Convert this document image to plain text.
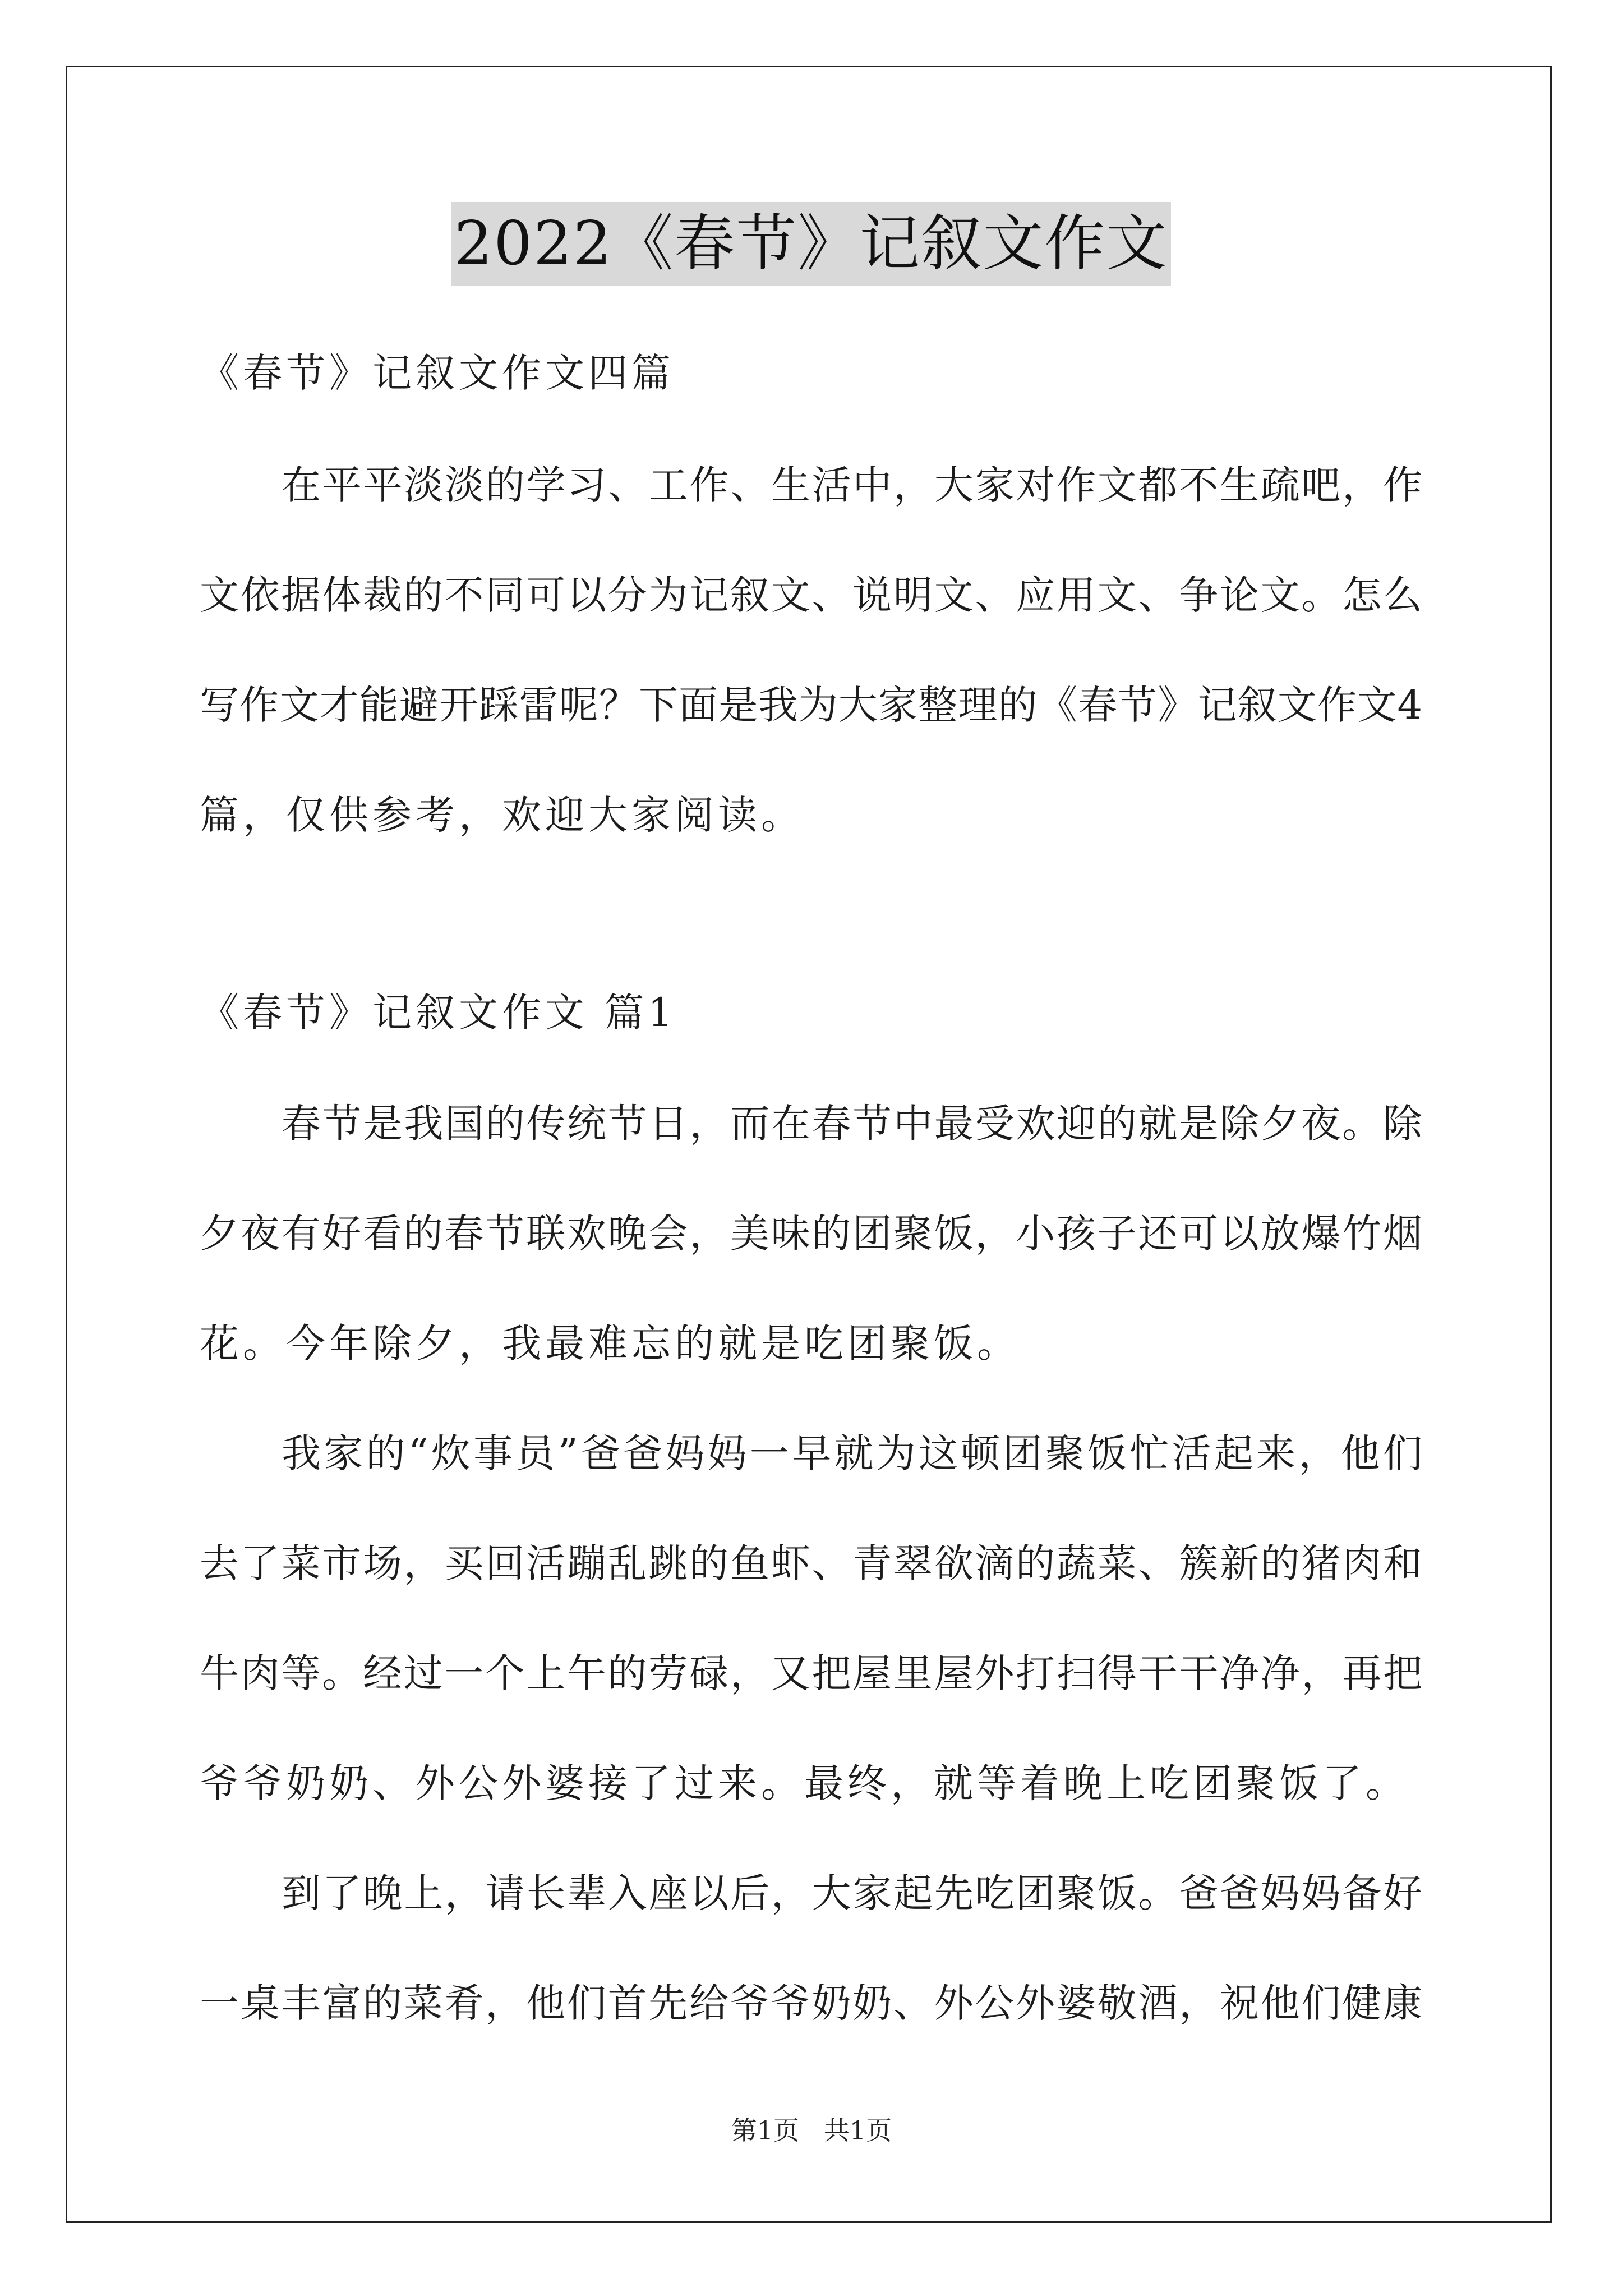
2022《春节》记叙文作文
《春节》记叙文作文四篇
在平平淡淡的学习、工作、生活中，大家对作文都不生疏吧，作
文依据体裁的不同可以分为记叙文、说明文、应用文、争论文。怎么
写作文才能避开踩雷呢？下面是我为大家整理的《春节》记叙文作文4
篇，仅供参考，欢迎大家阅读。
《春节》记叙文作文 篇1
春节是我国的传统节日，而在春节中最受欢迎的就是除夕夜。除
夕夜有好看的春节联欢晚会，美味的团聚饭，小孩子还可以放爆竹烟
花。今年除夕，我最难忘的就是吃团聚饭。
我家的“炊事员”爸爸妈妈一早就为这顿团聚饭忙活起来，他们
去了菜市场，买回活蹦乱跳的鱼虾、青翠欲滴的蔬菜、簇新的猪肉和
牛肉等。经过一个上午的劳碌，又把屋里屋外打扫得干干净净，再把
爷爷奶奶、外公外婆接了过来。最终，就等着晚上吃团聚饭了。
到了晚上，请长辈入座以后，大家起先吃团聚饭。爸爸妈妈备好
一桌丰富的菜肴，他们首先给爷爷奶奶、外公外婆敬酒，祝他们健康
第1页   共1页
